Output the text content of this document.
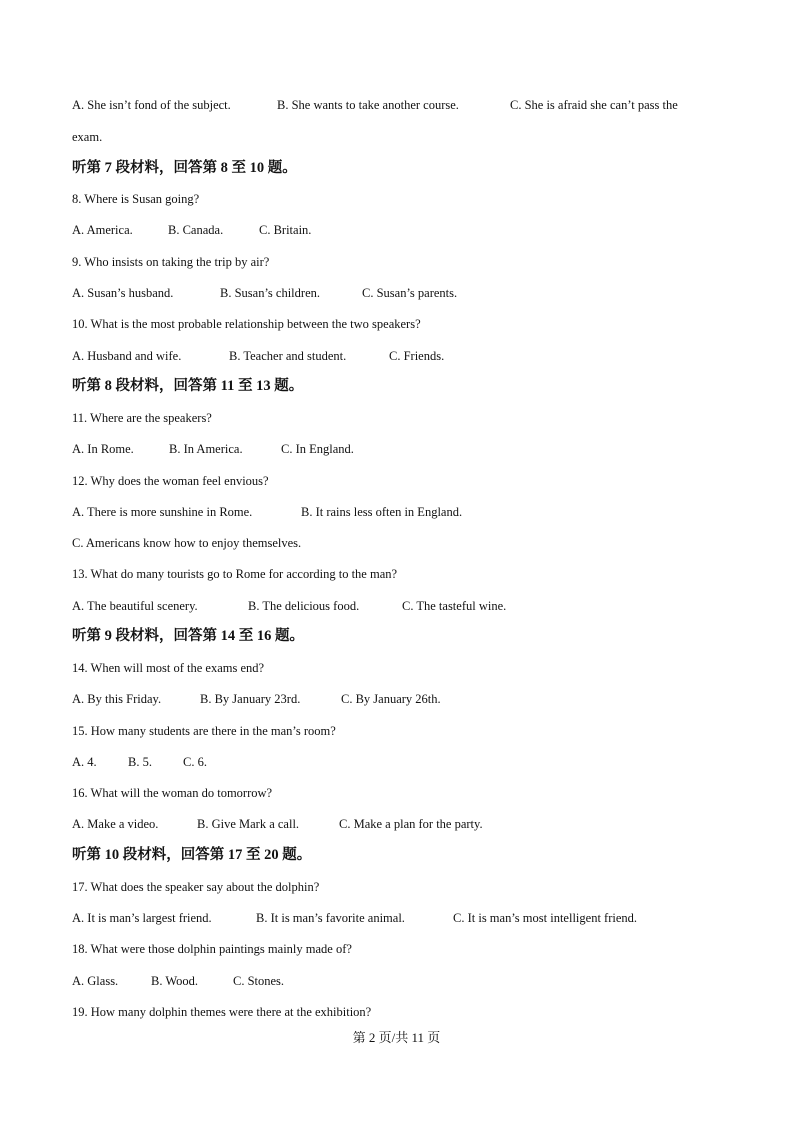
A. She isn’t fond of the subject.	B. She wants to take another course.	C. She is afraid she can’t pass the
exam.
听第 7 段材料，回答第 8 至 10 题。
8. Where is Susan going?
A. America.	B. Canada.	C. Britain.
9. Who insists on taking the trip by air?
A. Susan’s husband.	B. Susan’s children.	C. Susan’s parents.
10. What is the most probable relationship between the two speakers?
A. Husband and wife.	B. Teacher and student.	C. Friends.
听第 8 段材料，回答第 11 至 13 题。
11. Where are the speakers?
A. In Rome.	B. In America.	C. In England.
12. Why does the woman feel envious?
A. There is more sunshine in Rome.	B. It rains less often in England.
C. Americans know how to enjoy themselves.
13. What do many tourists go to Rome for according to the man?
A. The beautiful scenery.	B. The delicious food.	C. The tasteful wine.
听第 9 段材料，回答第 14 至 16 题。
14. When will most of the exams end?
A. By this Friday.	B. By January 23rd.	C. By January 26th.
15. How many students are there in the man’s room?
A. 4.	B. 5. C. 6.
16. What will the woman do tomorrow?
A. Make a video.	B. Give Mark a call.	C. Make a plan for the party.
听第 10 段材料，回答第 17 至 20 题。
17. What does the speaker say about the dolphin?
A. It is man’s largest friend.	B. It is man’s favorite animal.	C. It is man’s most intelligent friend.
18. What were those dolphin paintings mainly made of?
A. Glass.	B. Wood.	C. Stones.
19. How many dolphin themes were there at the exhibition?
第 2 页/共 11 页
